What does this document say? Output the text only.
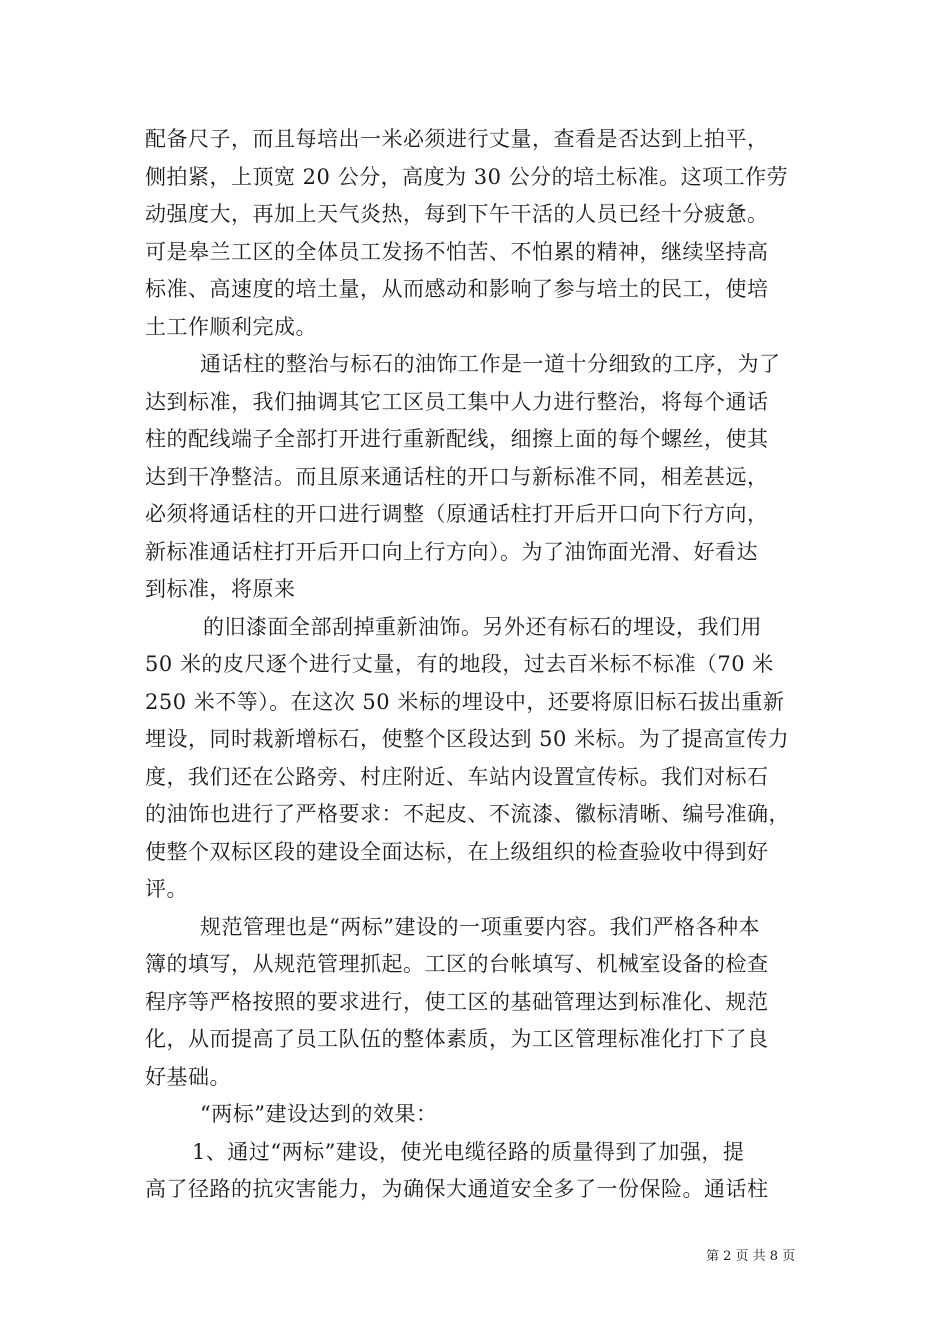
配备尺子，而且每培出一米必须进行丈量，查看是否达到上拍平，
侧拍紧，上顶宽 20 公分，高度为 30 公分的培土标准。这项工作劳
动强度大，再加上天气炎热，每到下午干活的人员已经十分疲惫。
可是皋兰工区的全体员工发扬不怕苦、不怕累的精神，继续坚持高
标准、高速度的培土量，从而感动和影响了参与培土的民工，使培
土工作顺利完成。
通话柱的整治与标石的油饰工作是一道十分细致的工序，为了
达到标准，我们抽调其它工区员工集中人力进行整治，将每个通话
柱的配线端子全部打开进行重新配线，细擦上面的每个螺丝，使其
达到干净整洁。而且原来通话柱的开口与新标准不同，相差甚远，
必须将通话柱的开口进行调整（原通话柱打开后开口向下行方向，
新标准通话柱打开后开口向上行方向）。为了油饰面光滑、好看达
到标准，将原来
的旧漆面全部刮掉重新油饰。另外还有标石的埋设，我们用
50 米的皮尺逐个进行丈量，有的地段，过去百米标不标准（70 米
250 米不等）。在这次 50 米标的埋设中，还要将原旧标石拔出重新
埋设，同时栽新增标石，使整个区段达到 50 米标。为了提高宣传力
度，我们还在公路旁、村庄附近、车站内设置宣传标。我们对标石
的油饰也进行了严格要求：不起皮、不流漆、徽标清晰、编号准确，
使整个双标区段的建设全面达标，在上级组织的检查验收中得到好
评。
规范管理也是“两标”建设的一项重要内容。我们严格各种本
簿的填写，从规范管理抓起。工区的台帐填写、机械室设备的检查
程序等严格按照的要求进行，使工区的基础管理达到标准化、规范
化，从而提高了员工队伍的整体素质，为工区管理标准化打下了良
好基础。
“两标”建设达到的效果：
1、通过“两标”建设，使光电缆径路的质量得到了加强，提
高了径路的抗灾害能力，为确保大通道安全多了一份保险。通话柱
第 2 页 共 8 页
